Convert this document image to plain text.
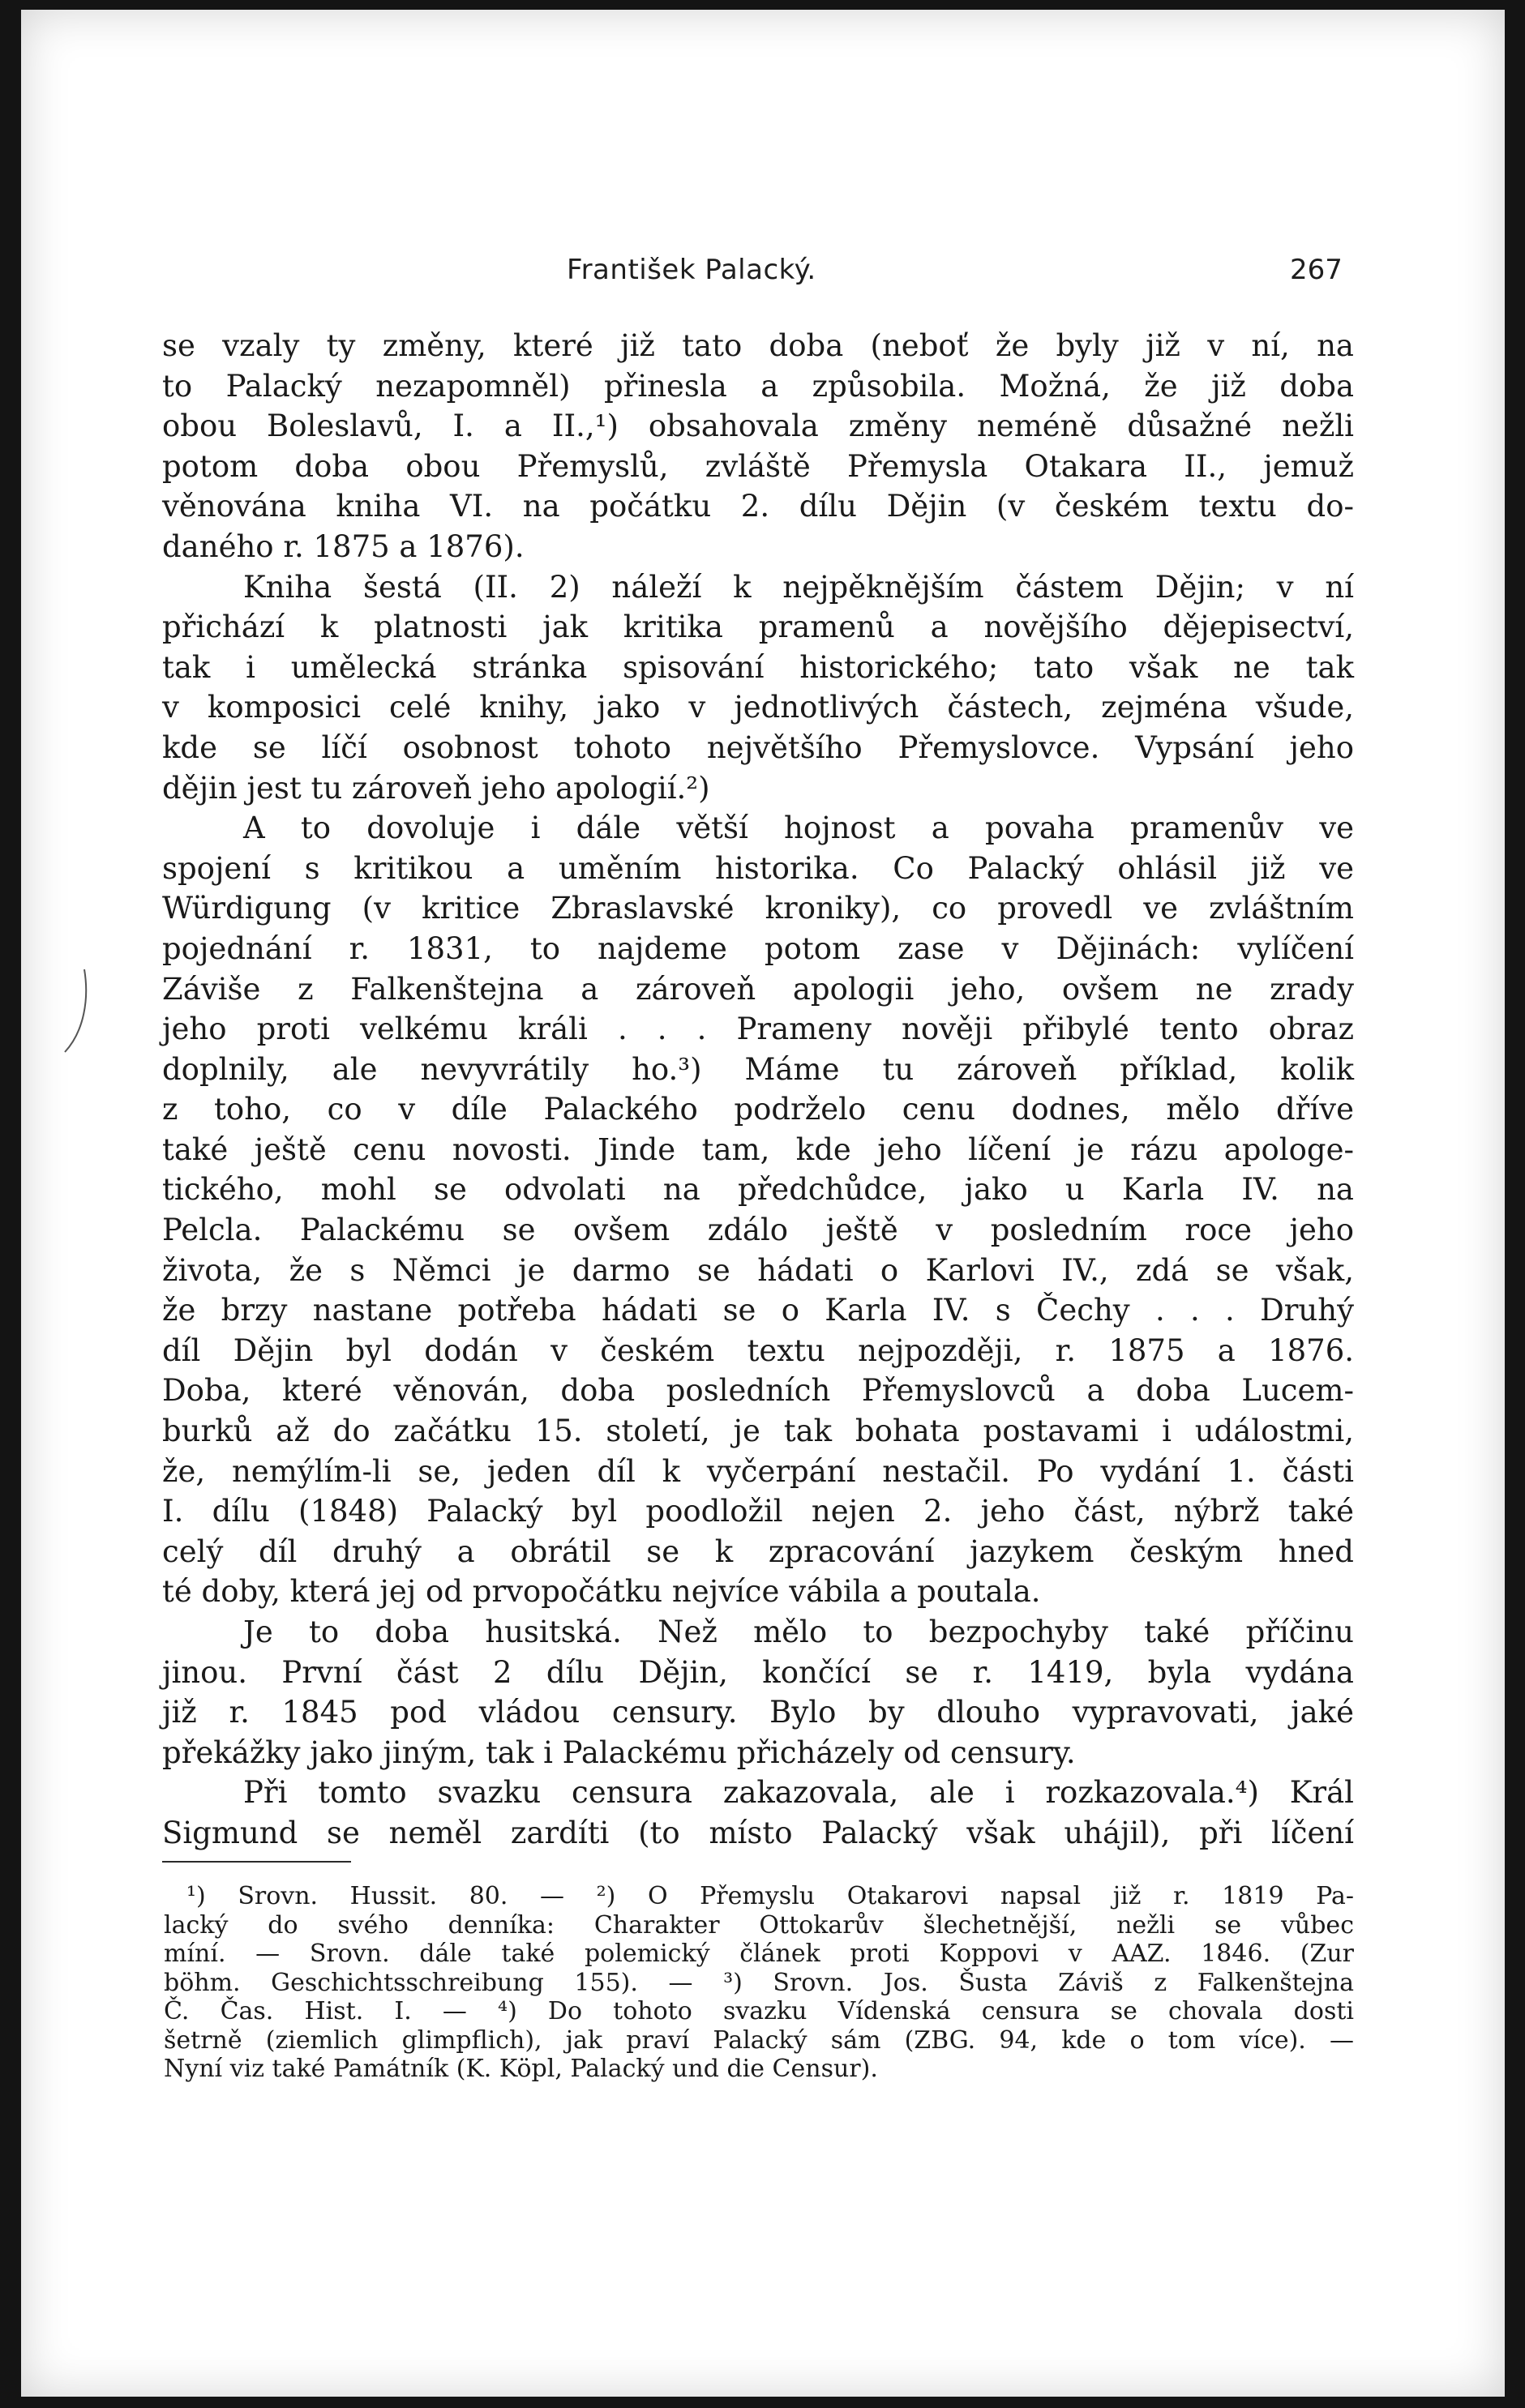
František Palacký.	267
se vzaly ty změny, které již tato doba (neboť že byly již v ní, na
to Palacký nezapomněl) přinesla a způsobila. Možná, že již doba
obou Boleslavů, I. a II.,¹) obsahovala změny neméně důsažné nežli
potom doba obou Přemyslů, zvláště Přemysla Otakara II., jemuž
věnována kniha VI. na počátku 2. dílu Dějin (v českém textu do-
daného r. 1875 a 1876).
Kniha šestá (II. 2) náleží k nejpěknějším částem Dějin; v ní
přichází k platnosti jak kritika pramenů a novějšího dějepisectví,
tak i umělecká stránka spisování historického; tato však ne tak
v komposici celé knihy, jako v jednotlivých částech, zejména všude,
kde se líčí osobnost tohoto největšího Přemyslovce. Vypsání jeho
dějin jest tu zároveň jeho apologií.²)
A to dovoluje i dále větší hojnost a povaha pramenův ve
spojení s kritikou a uměním historika. Co Palacký ohlásil již ve
Würdigung (v kritice Zbraslavské kroniky), co provedl ve zvláštním
pojednání r. 1831, to najdeme potom zase v Dějinách: vylíčení
Záviše z Falkenštejna a zároveň apologii jeho, ovšem ne zrady
jeho proti velkému králi . . . Prameny nověji přibylé tento obraz
doplnily, ale nevyvrátily ho.³) Máme tu zároveň příklad, kolik
z toho, co v díle Palackého podrželo cenu dodnes, mělo dříve
také ještě cenu novosti. Jinde tam, kde jeho líčení je rázu apologe-
tického, mohl se odvolati na předchůdce, jako u Karla IV. na
Pelcla. Palackému se ovšem zdálo ještě v posledním roce jeho
života, že s Němci je darmo se hádati o Karlovi IV., zdá se však,
že brzy nastane potřeba hádati se o Karla IV. s Čechy . . . Druhý
díl Dějin byl dodán v českém textu nejpozději, r. 1875 a 1876.
Doba, které věnován, doba posledních Přemyslovců a doba Lucem-
burků až do začátku 15. století, je tak bohata postavami i událostmi,
že, nemýlím-li se, jeden díl k vyčerpání nestačil. Po vydání 1. části
I. dílu (1848) Palacký byl poodložil nejen 2. jeho část, nýbrž také
celý díl druhý a obrátil se k zpracování jazykem českým hned
té doby, která jej od prvopočátku nejvíce vábila a poutala.
Je to doba husitská. Než mělo to bezpochyby také příčinu
jinou. První část 2 dílu Dějin, končící se r. 1419, byla vydána
již r. 1845 pod vládou censury. Bylo by dlouho vypravovati, jaké
překážky jako jiným, tak i Palackému přicházely od censury.
Při tomto svazku censura zakazovala, ale i rozkazovala.⁴) Král
Sigmund se neměl zardíti (to místo Palacký však uhájil), při líčení
¹) Srovn. Hussit. 80. — ²) O Přemyslu Otakarovi napsal již r. 1819 Pa-
lacký do svého denníka: Charakter Ottokarův šlechetnější, nežli se vůbec
míní. — Srovn. dále také polemický článek proti Koppovi v AAZ. 1846. (Zur
böhm. Geschichtsschreibung 155). — ³) Srovn. Jos. Šusta Záviš z Falkenštejna
Č. Čas. Hist. I. — ⁴) Do tohoto svazku Vídenská censura se chovala dosti
šetrně (ziemlich glimpflich), jak praví Palacký sám (ZBG. 94, kde o tom více). —
Nyní viz také Památník (K. Köpl, Palacký und die Censur).
